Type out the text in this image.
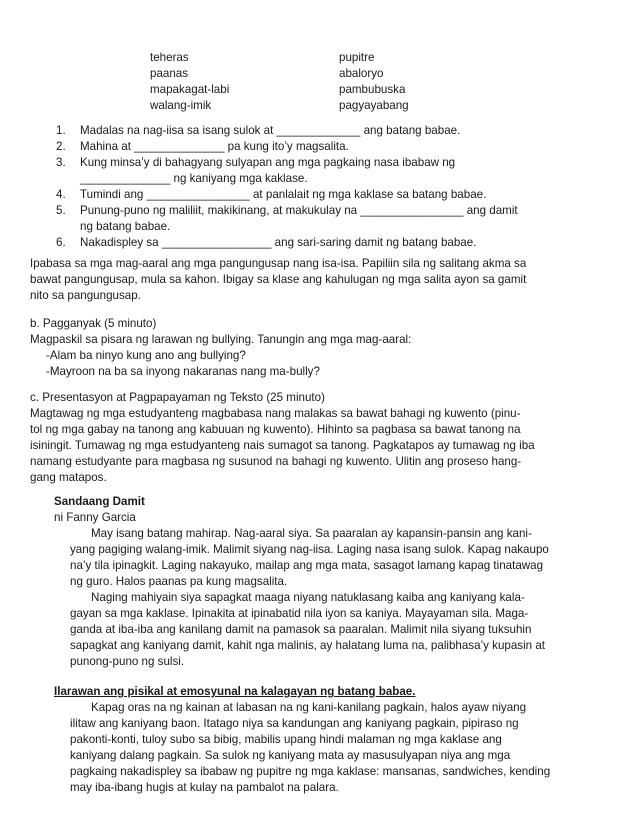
teheras
paanas
mapakagat-labi
walang-imik
pupitre
abaloryo
pambubuska
pagyayabang
1. Madalas na nag-iisa sa isang sulok at _____________ ang batang babae.
2. Mahina at ______________ pa kung ito’y magsalita.
3. Kung minsa’y di bahagyang sulyapan ang mga pagkaing nasa ibabaw ng
______________ ng kaniyang mga kaklase.
4. Tumindi ang ________________ at panlalait ng mga kaklase sa batang babae.
5. Punung-puno ng maliliit, makikinang, at makukulay na ________________ ang damit
ng batang babae.
6. Nakadispley sa _________________ ang sari-saring damit ng batang babae.

Ipabasa sa mga mag-aaral ang mga pangungusap nang isa-isa. Papiliin sila ng salitang akma sa

bawat pangungusap, mula sa kahon. Ibigay sa klase ang kahulugan ng mga salita ayon sa gamit

nito sa pangungusap.

b. Pagganyak (5 minuto)

Magpaskil sa pisara ng larawan ng bullying. Tanungin ang mga mag-aaral:

-Alam ba ninyo kung ano ang bullying?

-Mayroon na ba sa inyong nakaranas nang ma-bully?

c. Presentasyon at Pagpapayaman ng Teksto (25 minuto)

Magtawag ng mga estudyanteng magbabasa nang malakas sa bawat bahagi ng kuwento (pinu-

tol ng mga gabay na tanong ang kabuuan ng kuwento). Hihinto sa pagbasa sa bawat tanong na

isiningit. Tumawag ng mga estudyanteng nais sumagot sa tanong. Pagkatapos ay tumawag ng iba

namang estudyante para magbasa ng susunod na bahagi ng kuwento. Ulitin ang proseso hang-

gang matapos.

Sandaang Damit

ni Fanny Garcia

May isang batang mahirap. Nag-aaral siya. Sa paaralan ay kapansin-pansin ang kani-

yang pagiging walang-imik. Malimit siyang nag-iisa. Laging nasa isang sulok. Kapag nakaupo

na’y tila ipinagkit. Laging nakayuko, mailap ang mga mata, sasagot lamang kapag tinatawag

ng guro. Halos paanas pa kung magsalita.

Naging mahiyain siya sapagkat maaga niyang natuklasang kaiba ang kaniyang kala-

gayan sa mga kaklase. Ipinakita at ipinabatid nila iyon sa kaniya. Mayayaman sila. Maga-

ganda at iba-iba ang kanilang damit na pamasok sa paaralan. Malimit nila siyang tuksuhin

sapagkat ang kaniyang damit, kahit nga malinis, ay halatang luma na, palibhasa’y kupasin at

punong-puno ng sulsi.

Ilarawan ang pisikal at emosyunal na kalagayan ng batang babae.

Kapag oras na ng kainan at labasan na ng kani-kanilang pagkain, halos ayaw niyang

ilitaw ang kaniyang baon. Itatago niya sa kandungan ang kaniyang pagkain, pipiraso ng

pakonti-konti, tuloy subo sa bibig, mabilis upang hindi malaman ng mga kaklase ang

kaniyang dalang pagkain. Sa sulok ng kaniyang mata ay masusulyapan niya ang mga

pagkaing nakadispley sa ibabaw ng pupitre ng mga kaklase: mansanas, sandwiches, kending

may iba-ibang hugis at kulay na pambalot na palara.
